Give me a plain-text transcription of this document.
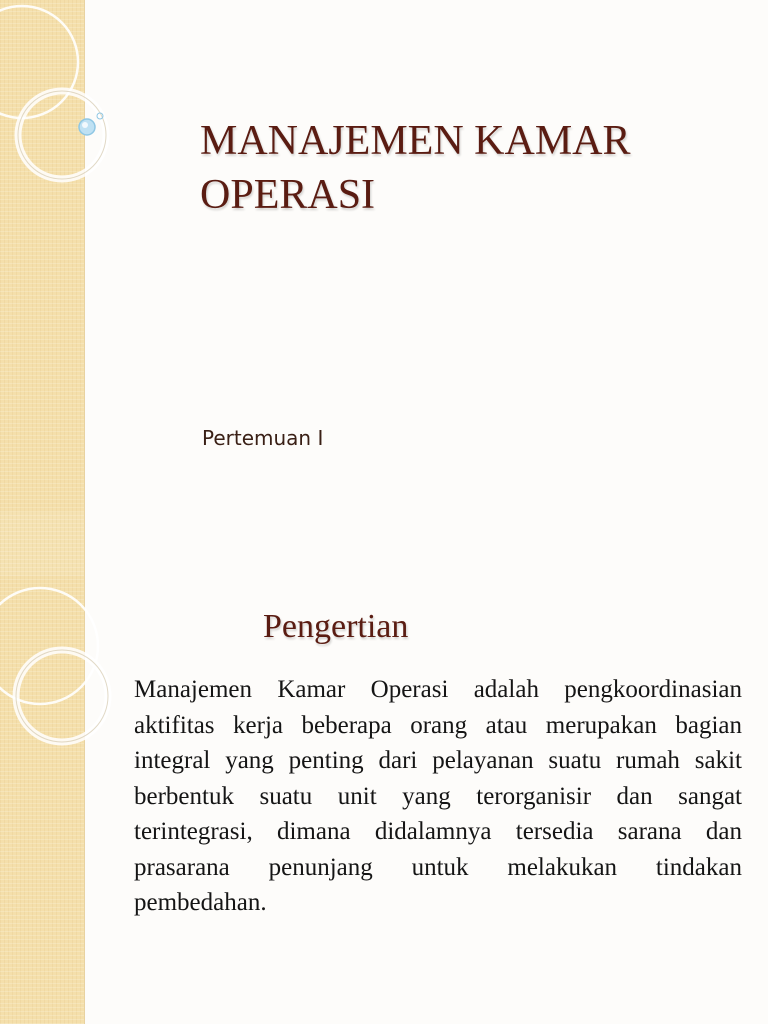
MANAJEMEN KAMAR OPERASI
Pertemuan I
Pengertian

Manajemen Kamar Operasi adalah pengkoordinasian aktifitas kerja beberapa orang atau merupakan bagian integral yang penting dari pelayanan suatu rumah sakit berbentuk suatu unit yang terorganisir dan sangat terintegrasi, dimana didalamnya tersedia sarana dan prasarana penunjang untuk melakukan tindakan pembedahan.
